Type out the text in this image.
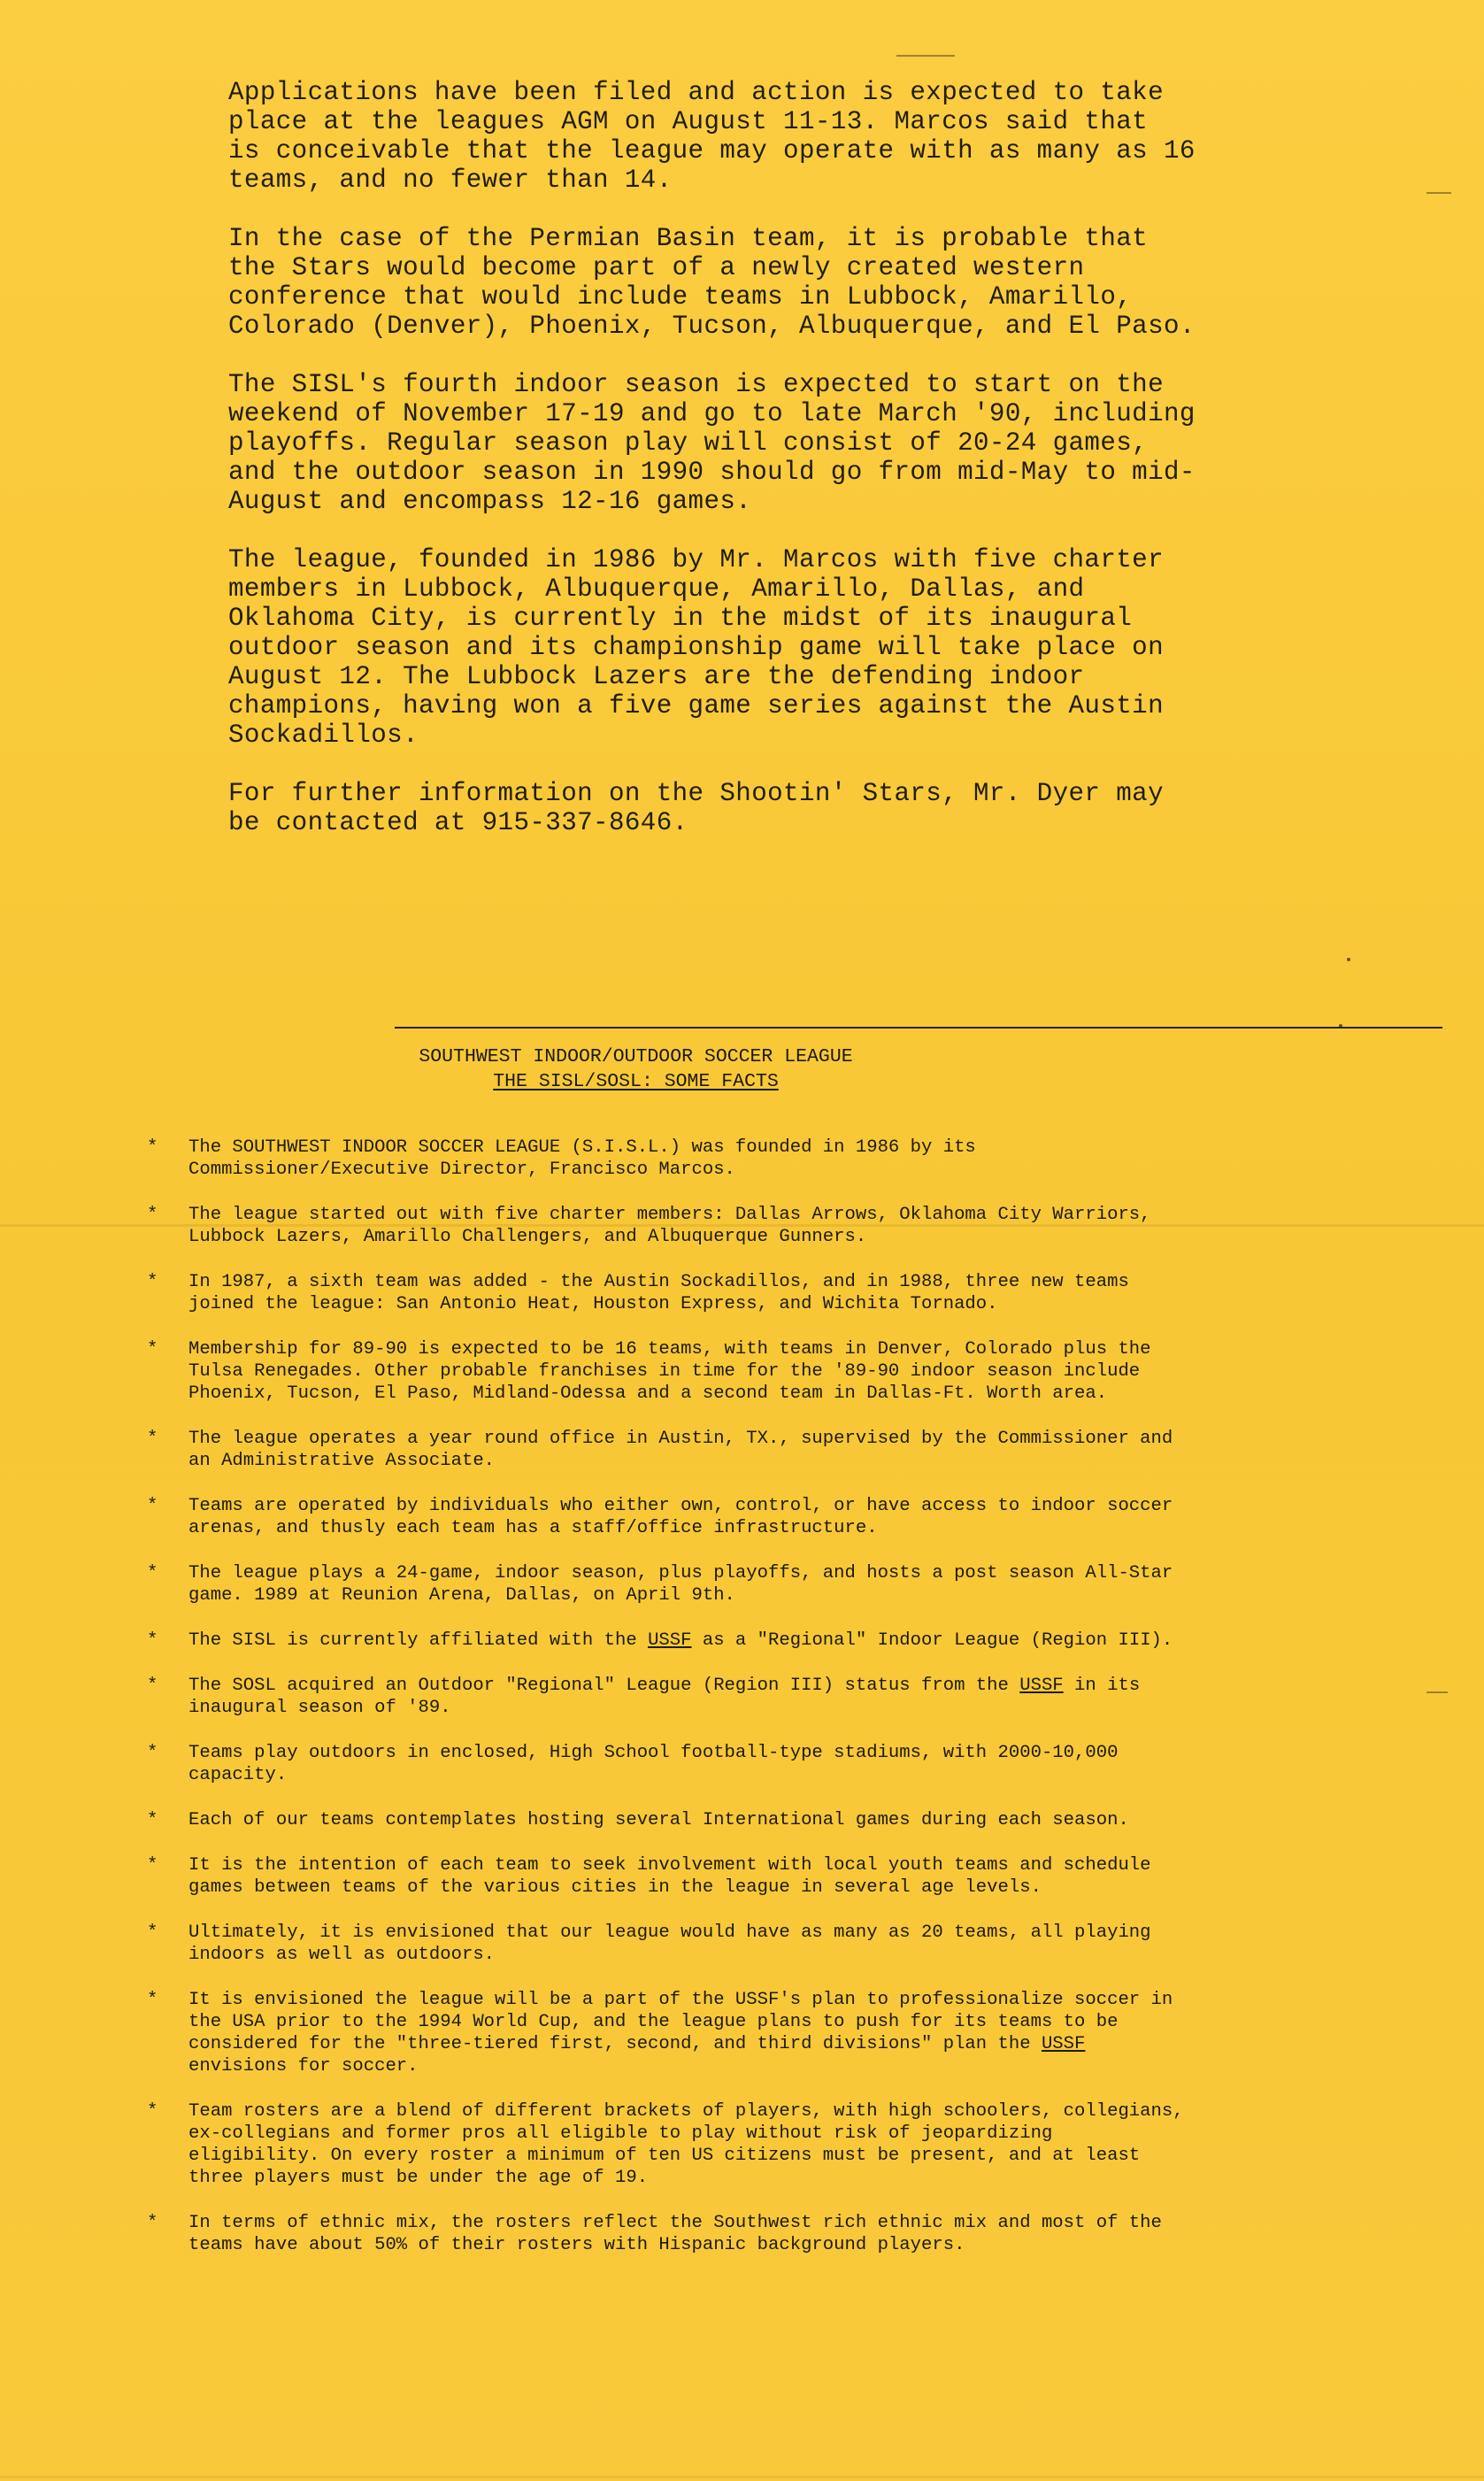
Applications have been filed and action is expected to take
place at the leagues AGM on August 11-13. Marcos said that
is conceivable that the league may operate with as many as 16
teams, and no fewer than 14.

In the case of the Permian Basin team, it is probable that
the Stars would become part of a newly created western
conference that would include teams in Lubbock, Amarillo,
Colorado (Denver), Phoenix, Tucson, Albuquerque, and El Paso.

The SISL's fourth indoor season is expected to start on the
weekend of November 17-19 and go to late March '90, including
playoffs. Regular season play will consist of 20-24 games,
and the outdoor season in 1990 should go from mid-May to mid-
August and encompass 12-16 games.

The league, founded in 1986 by Mr. Marcos with five charter
members in Lubbock, Albuquerque, Amarillo, Dallas, and
Oklahoma City, is currently in the midst of its inaugural
outdoor season and its championship game will take place on
August 12. The Lubbock Lazers are the defending indoor
champions, having won a five game series against the Austin
Sockadillos.

For further information on the Shootin' Stars, Mr. Dyer may
be contacted at 915-337-8646.

SOUTHWEST INDOOR/OUTDOOR SOCCER LEAGUE
THE SISL/SOSL: SOME FACTS
*	The SOUTHWEST INDOOR SOCCER LEAGUE (S.I.S.L.) was founded in 1986 by its
Commissioner/Executive Director, Francisco Marcos.
*	The league started out with five charter members: Dallas Arrows, Oklahoma City Warriors,
Lubbock Lazers, Amarillo Challengers, and Albuquerque Gunners.
*	In 1987, a sixth team was added - the Austin Sockadillos, and in 1988, three new teams
joined the league: San Antonio Heat, Houston Express, and Wichita Tornado.
*	Membership for 89-90 is expected to be 16 teams, with teams in Denver, Colorado plus the
Tulsa Renegades. Other probable franchises in time for the '89-90 indoor season include
Phoenix, Tucson, El Paso, Midland-Odessa and a second team in Dallas-Ft. Worth area.
*	The league operates a year round office in Austin, TX., supervised by the Commissioner and
an Administrative Associate.
*	Teams are operated by individuals who either own, control, or have access to indoor soccer
arenas, and thusly each team has a staff/office infrastructure.
*	The league plays a 24-game, indoor season, plus playoffs, and hosts a post season All-Star
game. 1989 at Reunion Arena, Dallas, on April 9th.
*	The SISL is currently affiliated with the USSF as a "Regional" Indoor League (Region III).
*	The SOSL acquired an Outdoor "Regional" League (Region III) status from the USSF in its
inaugural season of '89.
*	Teams play outdoors in enclosed, High School football-type stadiums, with 2000-10,000
capacity.
*	Each of our teams contemplates hosting several International games during each season.
*	It is the intention of each team to seek involvement with local youth teams and schedule
games between teams of the various cities in the league in several age levels.
*	Ultimately, it is envisioned that our league would have as many as 20 teams, all playing
indoors as well as outdoors.
*	It is envisioned the league will be a part of the USSF's plan to professionalize soccer in
the USA prior to the 1994 World Cup, and the league plans to push for its teams to be
considered for the "three-tiered first, second, and third divisions" plan the USSF
envisions for soccer.
*	Team rosters are a blend of different brackets of players, with high schoolers, collegians,
ex-collegians and former pros all eligible to play without risk of jeopardizing
eligibility. On every roster a minimum of ten US citizens must be present, and at least
three players must be under the age of 19.
*	In terms of ethnic mix, the rosters reflect the Southwest rich ethnic mix and most of the
teams have about 50% of their rosters with Hispanic background players.
